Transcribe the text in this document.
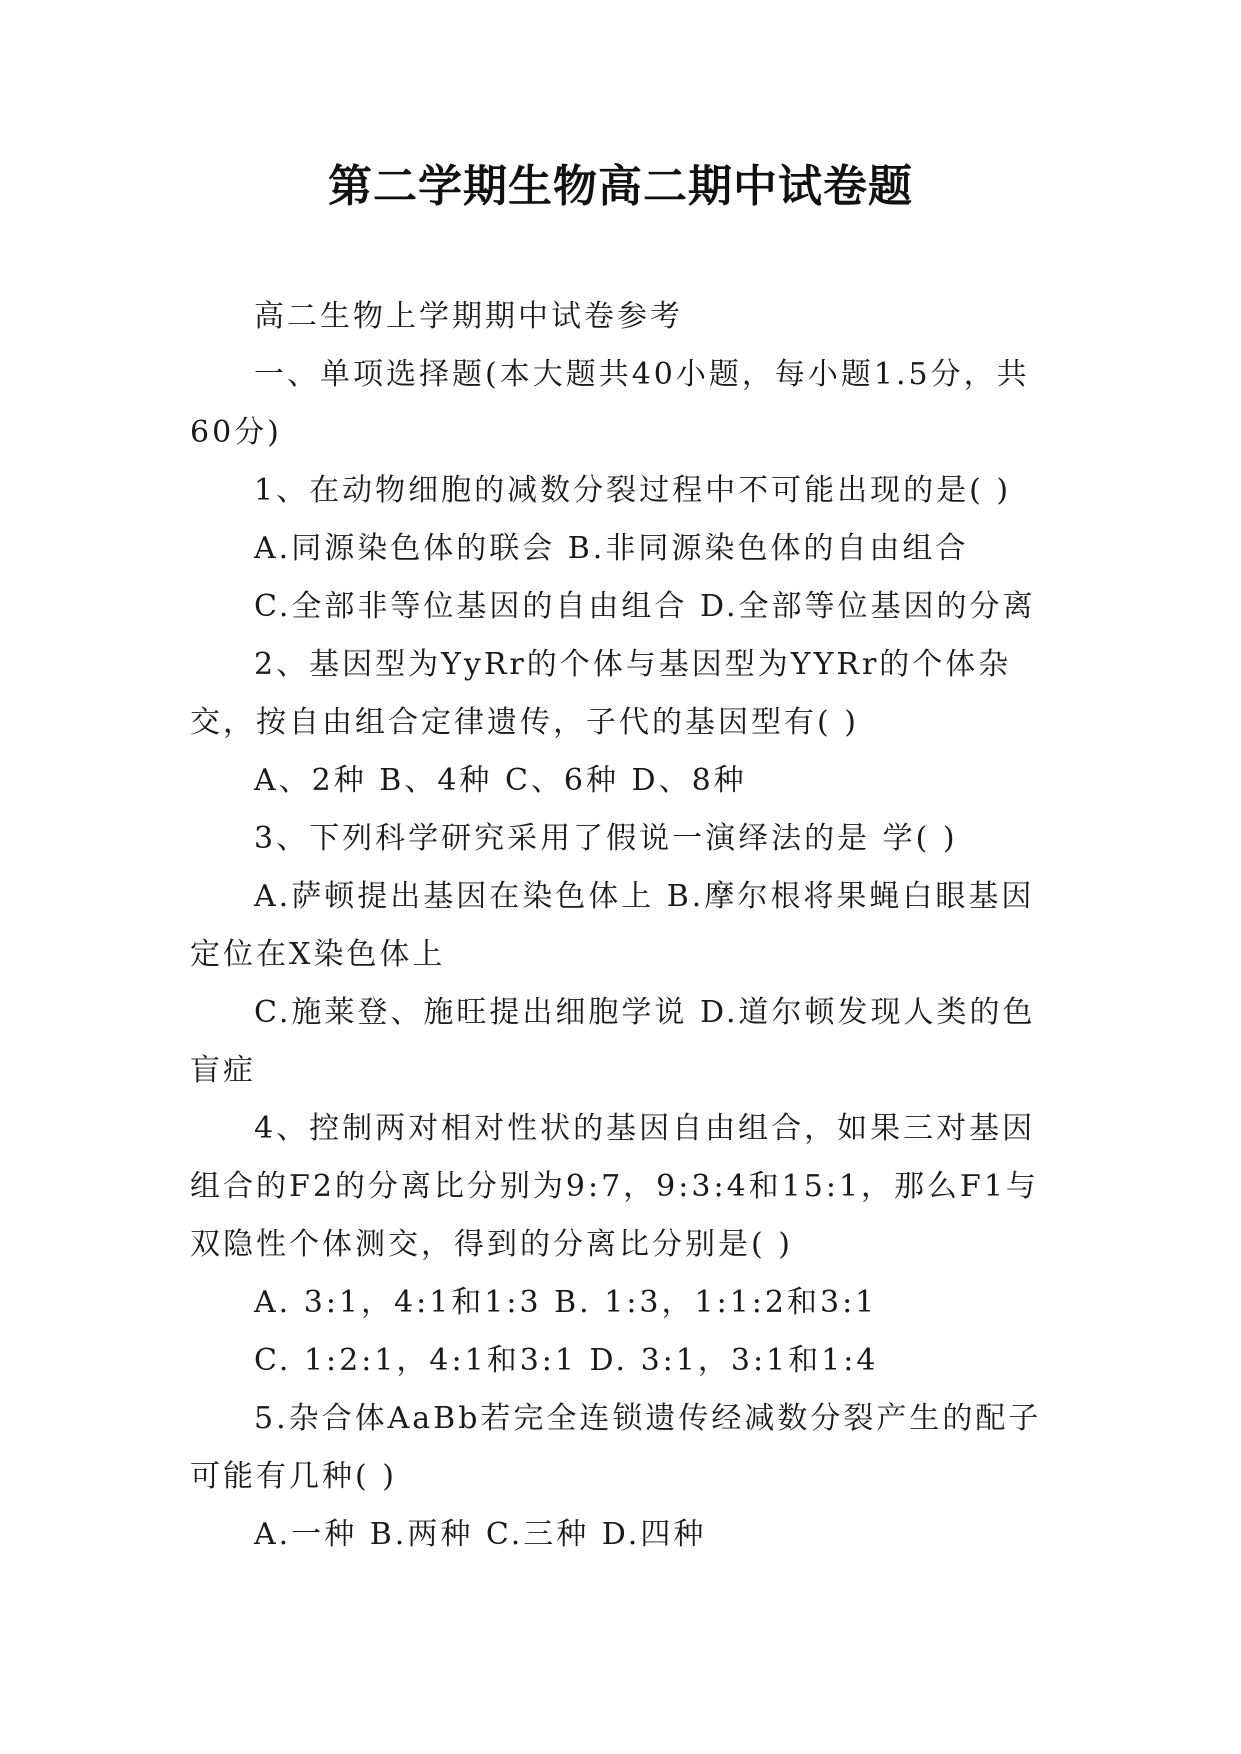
第二学期生物高二期中试卷题

高二生物上学期期中试卷参考

一、单项选择题(本大题共40小题，每小题1.5分，共60分)

1、在动物细胞的减数分裂过程中不可能出现的是( )

A.同源染色体的联会 B.非同源染色体的自由组合

C.全部非等位基因的自由组合 D.全部等位基因的分离

2、基因型为YyRr的个体与基因型为YYRr的个体杂交，按自由组合定律遗传，子代的基因型有( )

A、2种 B、4种 C、6种 D、8种

3、下列科学研究采用了假说一演绎法的是 学( )

A.萨顿提出基因在染色体上 B.摩尔根将果蝇白眼基因定位在X染色体上

C.施莱登、施旺提出细胞学说 D.道尔顿发现人类的色盲症

4、控制两对相对性状的基因自由组合，如果三对基因组合的F2的分离比分别为9:7，9:3:4和15:1，那么F1与双隐性个体测交，得到的分离比分别是( )

A. 3:1，4:1和1:3 B. 1:3，1:1:2和3:1

C. 1:2:1，4:1和3:1 D. 3:1，3:1和1:4

5.杂合体AaBb若完全连锁遗传经减数分裂产生的配子可能有几种( )

A.一种 B.两种 C.三种 D.四种
